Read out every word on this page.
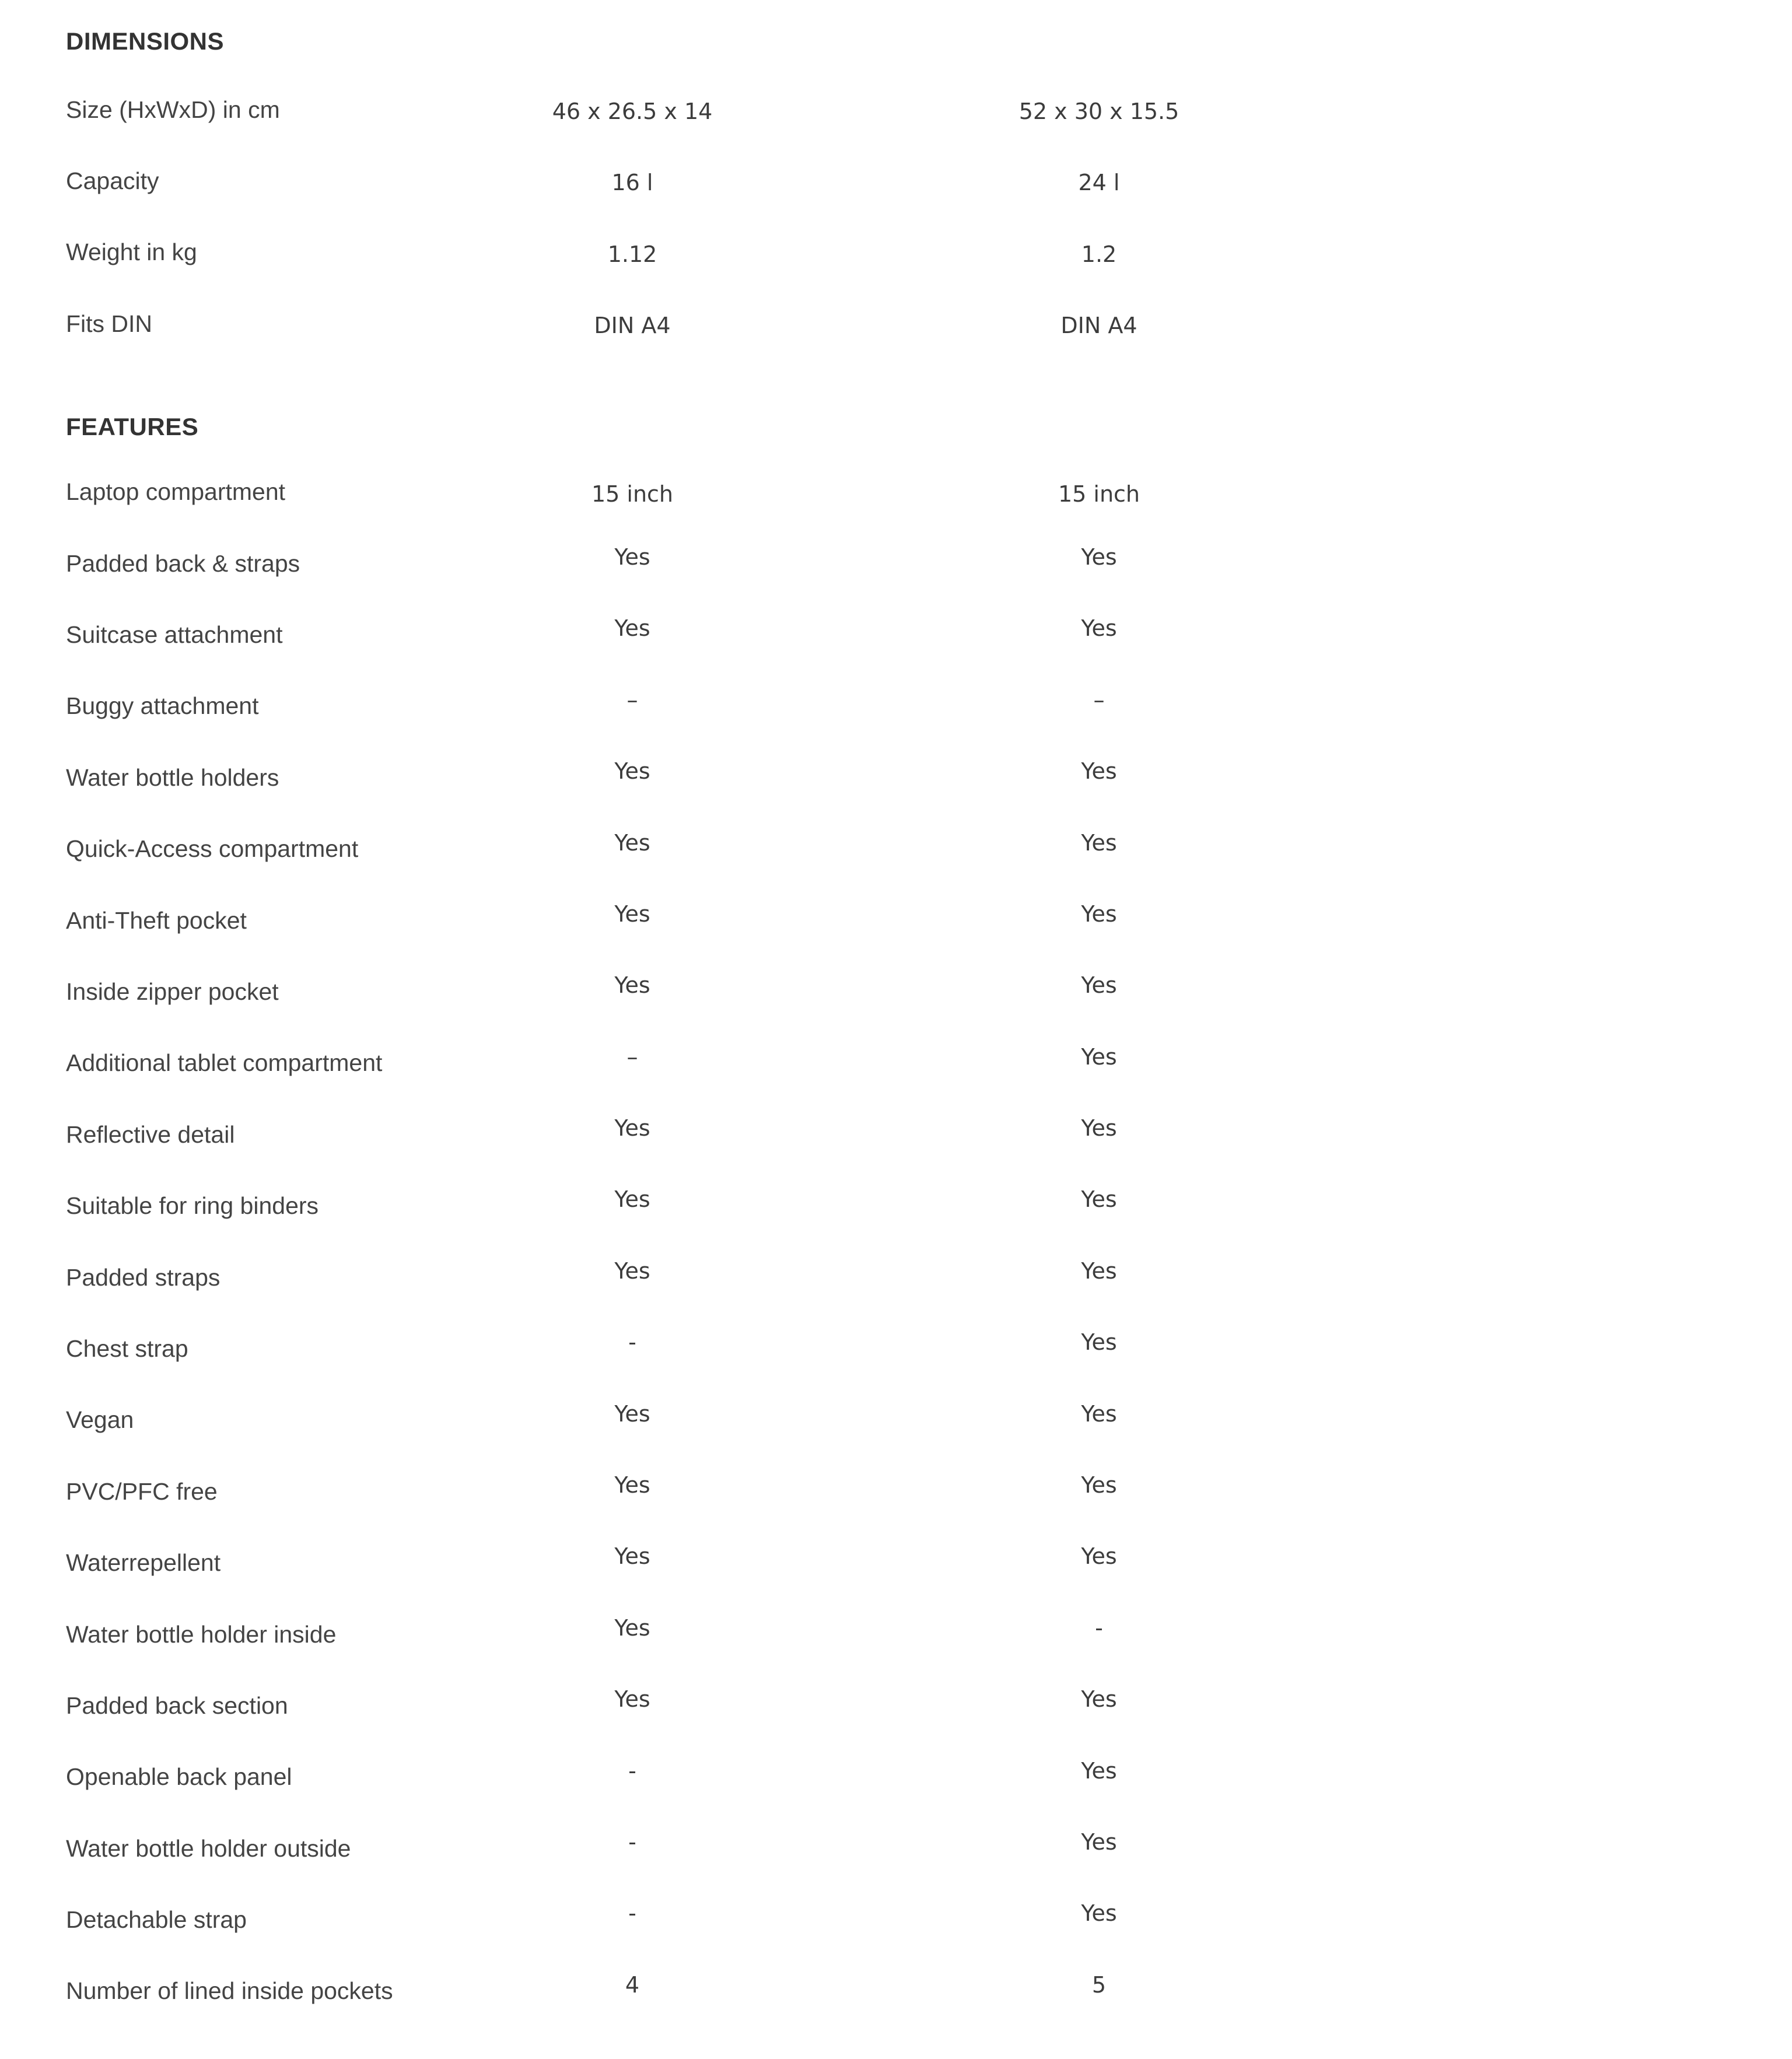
DIMENSIONS
Size (HxWxD) in cm	46 x 26.5 x 14	52 x 30 x 15.5
Capacity	16 l	24 l
Weight in kg	1.12	1.2
Fits DIN	DIN A4	DIN A4
FEATURES
Laptop compartment	15 inch	15 inch
Padded back & straps	Yes	Yes
Suitcase attachment	Yes	Yes
Buggy attachment	–	–
Water bottle holders	Yes	Yes
Quick-Access compartment	Yes	Yes
Anti-Theft pocket	Yes	Yes
Inside zipper pocket	Yes	Yes
Additional tablet compartment	–	Yes
Reflective detail	Yes	Yes
Suitable for ring binders	Yes	Yes
Padded straps	Yes	Yes
Chest strap	-	Yes
Vegan	Yes	Yes
PVC/PFC free	Yes	Yes
Waterrepellent	Yes	Yes
Water bottle holder inside	Yes	-
Padded back section	Yes	Yes
Openable back panel	-	Yes
Water bottle holder outside	-	Yes
Detachable strap	-	Yes
Number of lined inside pockets	4	5
